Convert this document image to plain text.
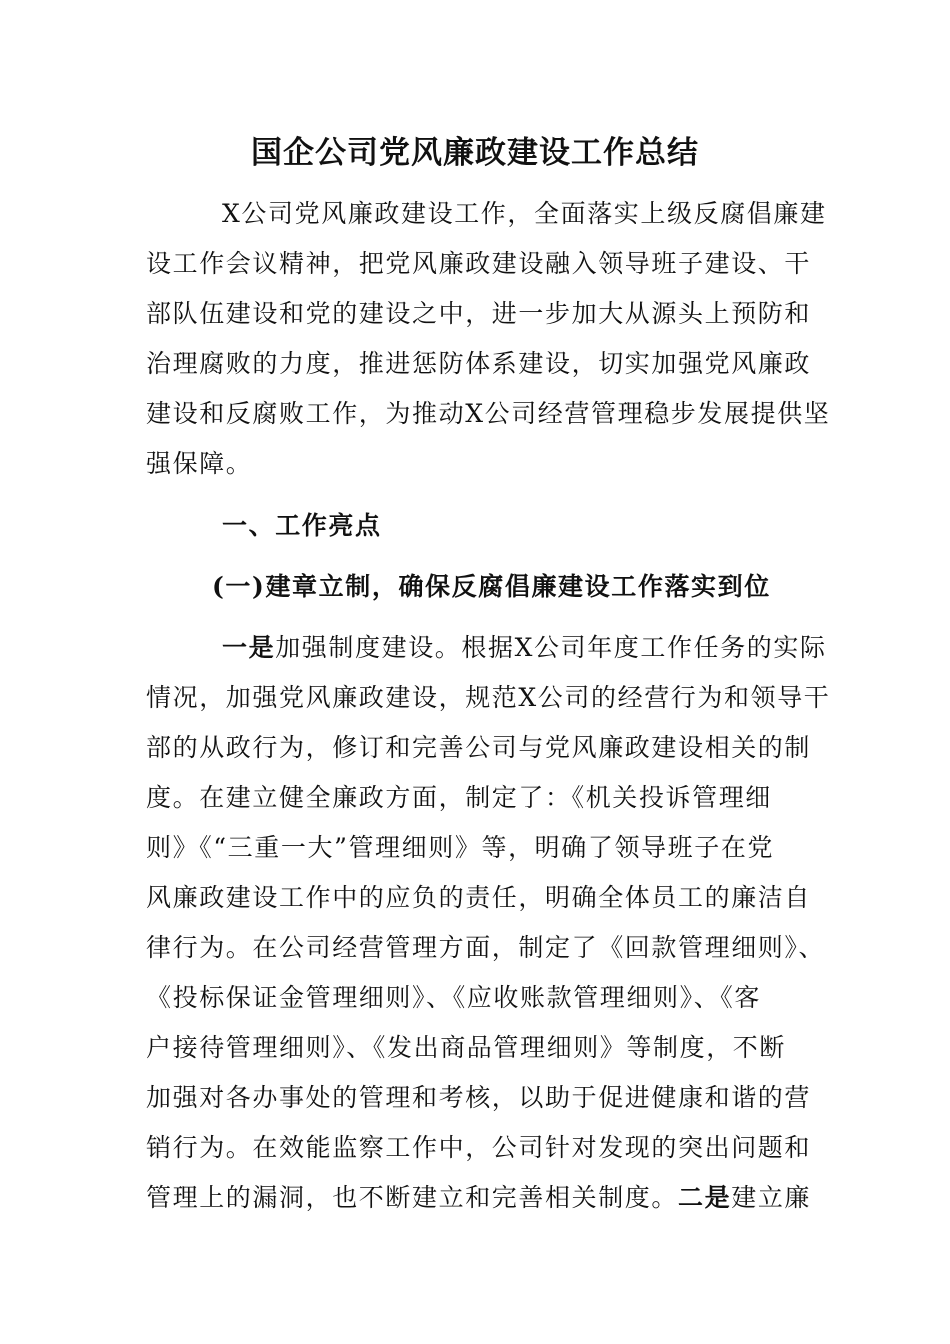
国企公司党风廉政建设工作总结
X公司党风廉政建设工作，全面落实上级反腐倡廉建
设工作会议精神，把党风廉政建设融入领导班子建设、干
部队伍建设和党的建设之中，进一步加大从源头上预防和
治理腐败的力度，推进惩防体系建设，切实加强党风廉政
建设和反腐败工作，为推动X公司经营管理稳步发展提供坚
强保障。
一、工作亮点
(一)建章立制，确保反腐倡廉建设工作落实到位
一是加强制度建设。根据X公司年度工作任务的实际
情况，加强党风廉政建设，规范X公司的经营行为和领导干
部的从政行为，修订和完善公司与党风廉政建设相关的制
度。在建立健全廉政方面，制定了：《机关投诉管理细
则》《“三重一大”管理细则》等，明确了领导班子在党
风廉政建设工作中的应负的责任，明确全体员工的廉洁自
律行为。在公司经营管理方面，制定了《回款管理细则》、
《投标保证金管理细则》、《应收账款管理细则》、《客
户接待管理细则》、《发出商品管理细则》等制度，不断
加强对各办事处的管理和考核，以助于促进健康和谐的营
销行为。在效能监察工作中，公司针对发现的突出问题和
管理上的漏洞，也不断建立和完善相关制度。二是建立廉
